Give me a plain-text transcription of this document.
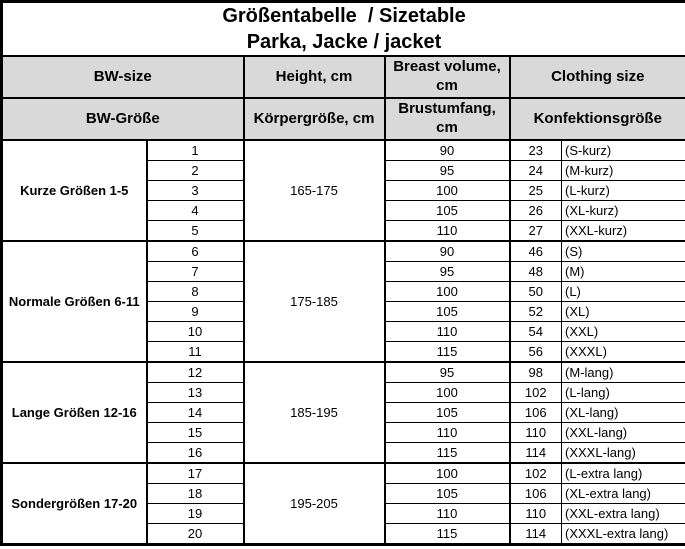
Größentabelle  / Sizetable
Parka, Jacke / jacket					

BW-size		Height, cm	Breast volume, cm	Clothing size	
BW-Größe		Körpergröße, cm	Brustumfang, cm	Konfektionsgröße	
Kurze Größen 1-5	1	165-175	90	23	(S-kurz)
	2		95	24	(M-kurz)
	3		100	25	(L-kurz)
	4		105	26	(XL-kurz)
	5		110	27	(XXL-kurz)
Normale Größen 6-11	6	175-185	90	46	(S)
	7		95	48	(M)
	8		100	50	(L)
	9		105	52	(XL)
	10		110	54	(XXL)
	11		115	56	(XXXL)
Lange Größen 12-16	12	185-195	95	98	(M-lang)
	13		100	102	(L-lang)
	14		105	106	(XL-lang)
	15		110	110	(XXL-lang)
	16		115	114	(XXXL-lang)
Sondergrößen 17-20	17	195-205	100	102	(L-extra lang)
	18		105	106	(XL-extra lang)
	19		110	110	(XXL-extra lang)
	20		115	114	(XXXL-extra lang)
